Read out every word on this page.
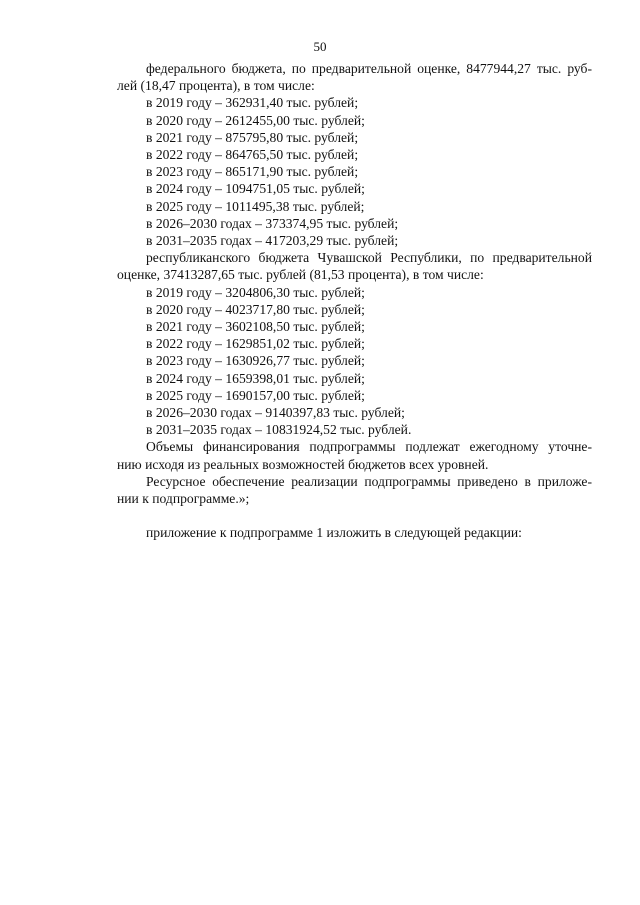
50

федерального бюджета, по предварительной оценке, 8477944,27 тыс. руб-

лей (18,47 процента), в том числе:

в 2019 году – 362931,40 тыс. рублей;

в 2020 году – 2612455,00 тыс. рублей;

в 2021 году – 875795,80 тыс. рублей;

в 2022 году – 864765,50 тыс. рублей;

в 2023 году – 865171,90 тыс. рублей;

в 2024 году – 1094751,05 тыс. рублей;

в 2025 году – 1011495,38 тыс. рублей;

в 2026–2030 годах – 373374,95 тыс. рублей;

в 2031–2035 годах – 417203,29 тыс. рублей;

республиканского бюджета Чувашской Республики, по предварительной

оценке, 37413287,65 тыс. рублей (81,53 процента), в том числе:

в 2019 году – 3204806,30 тыс. рублей;

в 2020 году – 4023717,80 тыс. рублей;

в 2021 году – 3602108,50 тыс. рублей;

в 2022 году – 1629851,02 тыс. рублей;

в 2023 году – 1630926,77 тыс. рублей;

в 2024 году – 1659398,01 тыс. рублей;

в 2025 году – 1690157,00 тыс. рублей;

в 2026–2030 годах – 9140397,83 тыс. рублей;

в 2031–2035 годах – 10831924,52 тыс. рублей.

Объемы финансирования подпрограммы подлежат ежегодному уточне-

нию исходя из реальных возможностей бюджетов всех уровней.

Ресурсное обеспечение реализации подпрограммы приведено в приложе-

нии к подпрограмме.»;

приложение к подпрограмме 1 изложить в следующей редакции:
